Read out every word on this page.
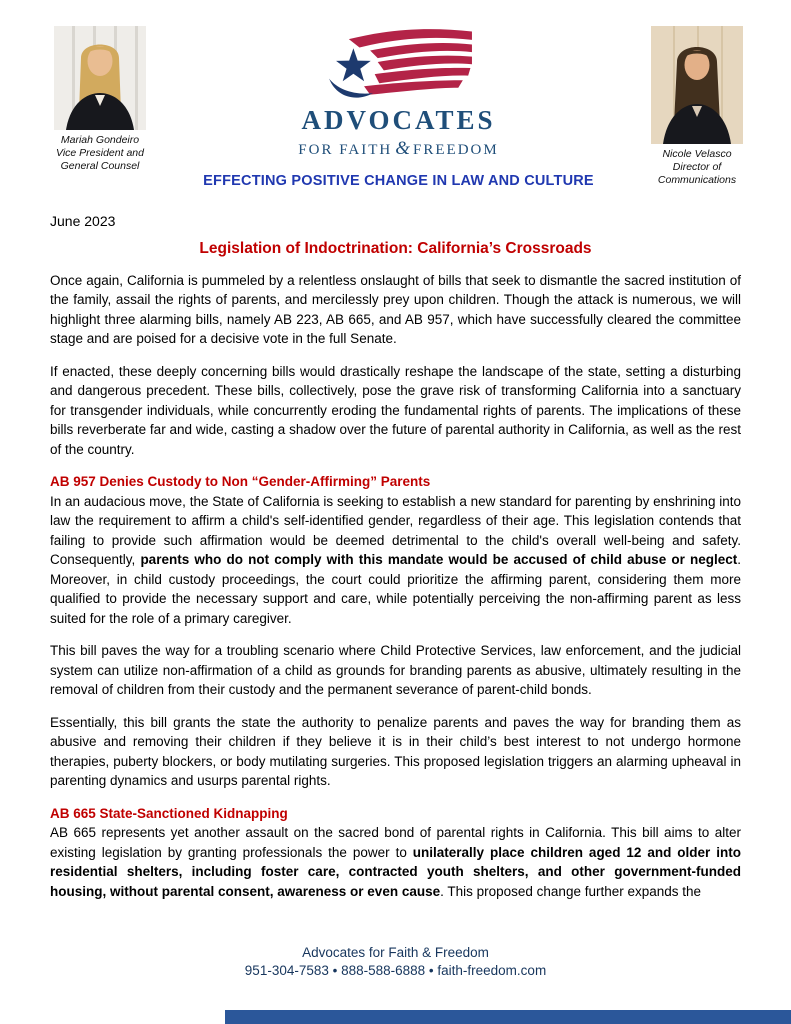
Mariah Gondeiro
Vice President and
General Counsel
ADVOCATES
FOR FAITH & FREEDOM
EFFECTING POSITIVE CHANGE IN LAW AND CULTURE
Nicole Velasco
Director of
Communications
June 2023
Legislation of Indoctrination: California’s Crossroads

Once again, California is pummeled by a relentless onslaught of bills that seek to dismantle the sacred institution of the family, assail the rights of parents, and mercilessly prey upon children. Though the attack is numerous, we will highlight three alarming bills, namely AB 223, AB 665, and AB 957, which have successfully cleared the committee stage and are poised for a decisive vote in the full Senate.

If enacted, these deeply concerning bills would drastically reshape the landscape of the state, setting a disturbing and dangerous precedent. These bills, collectively, pose the grave risk of transforming California into a sanctuary for transgender individuals, while concurrently eroding the fundamental rights of parents. The implications of these bills reverberate far and wide, casting a shadow over the future of parental authority in California, as well as the rest of the country.

AB 957 Denies Custody to Non “Gender-Affirming” Parents

In an audacious move, the State of California is seeking to establish a new standard for parenting by enshrining into law the requirement to affirm a child's self-identified gender, regardless of their age. This legislation contends that failing to provide such affirmation would be deemed detrimental to the child's overall well-being and safety. Consequently, parents who do not comply with this mandate would be accused of child abuse or neglect. Moreover, in child custody proceedings, the court could prioritize the affirming parent, considering them more qualified to provide the necessary support and care, while potentially perceiving the non-affirming parent as less suited for the role of a primary caregiver.

This bill paves the way for a troubling scenario where Child Protective Services, law enforcement, and the judicial system can utilize non-affirmation of a child as grounds for branding parents as abusive, ultimately resulting in the removal of children from their custody and the permanent severance of parent-child bonds.

Essentially, this bill grants the state the authority to penalize parents and paves the way for branding them as abusive and removing their children if they believe it is in their child’s best interest to not undergo hormone therapies, puberty blockers, or body mutilating surgeries. This proposed legislation triggers an alarming upheaval in parenting dynamics and usurps parental rights.

AB 665 State-Sanctioned Kidnapping

AB 665 represents yet another assault on the sacred bond of parental rights in California. This bill aims to alter existing legislation by granting professionals the power to unilaterally place children aged 12 and older into residential shelters, including foster care, contracted youth shelters, and other government-funded housing, without parental consent, awareness or even cause. This proposed change further expands the

Advocates for Faith & Freedom
951-304-7583 • 888-588-6888 • faith-freedom.com
